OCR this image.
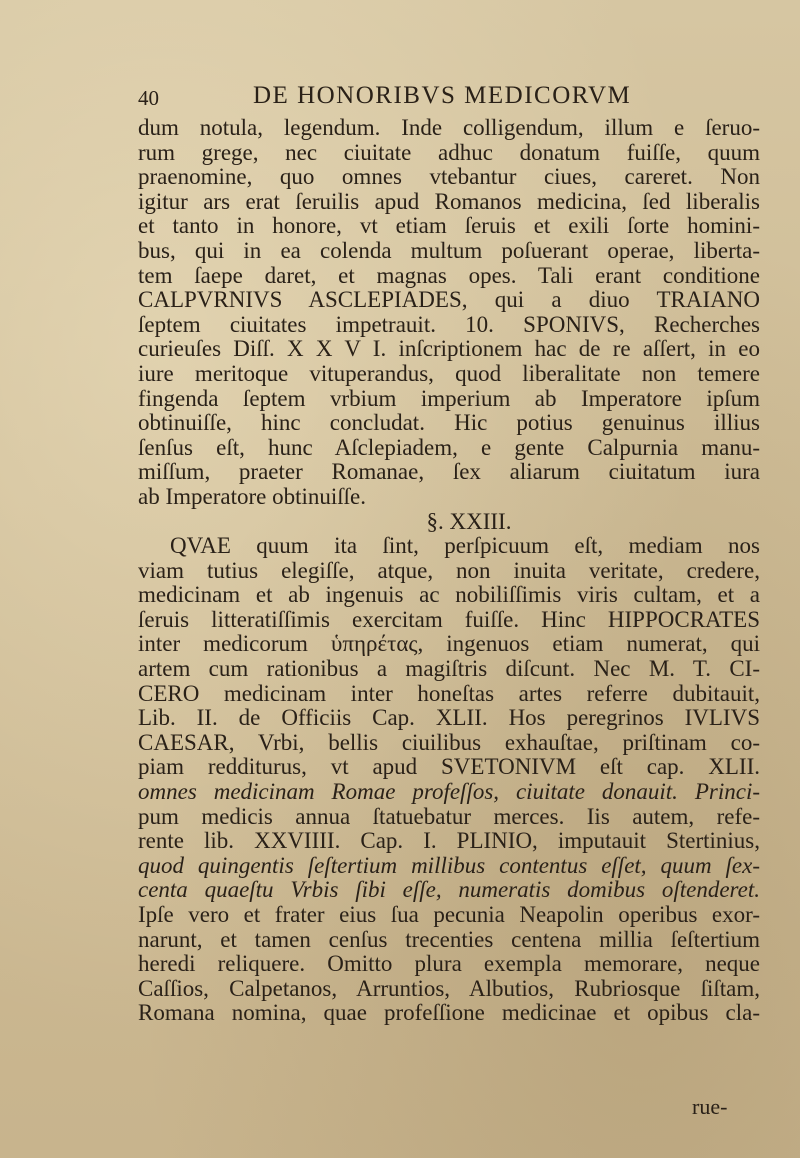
40	DE HONORIBVS MEDICORVM
dum notula, legendum. Inde colligendum, illum e ſeruo-
rum grege, nec ciuitate adhuc donatum fuiſſe, quum
praenomine, quo omnes vtebantur ciues, careret. Non
igitur ars erat ſeruilis apud Romanos medicina, ſed liberalis
et tanto in honore, vt etiam ſeruis et exili ſorte homini-
bus, qui in ea colenda multum poſuerant operae, liberta-
tem ſaepe daret, et magnas opes. Tali erant conditione
CALPVRNIVS ASCLEPIADES, qui a diuo TRAIANO
ſeptem ciuitates impetrauit. 10. SPONIVS, Recherches
curieuſes Diſſ. X X V I. inſcriptionem hac de re aſſert, in eo
iure meritoque vituperandus, quod liberalitate non temere
fingenda ſeptem vrbium imperium ab Imperatore ipſum
obtinuiſſe, hinc concludat. Hic potius genuinus illius
ſenſus eſt, hunc Aſclepiadem, e gente Calpurnia manu-
miſſum, praeter Romanae, ſex aliarum ciuitatum iura
ab Imperatore obtinuiſſe.
§. XXIII.
QVAE quum ita ſint, perſpicuum eſt, mediam nos
viam tutius elegiſſe, atque, non inuita veritate, credere,
medicinam et ab ingenuis ac nobiliſſimis viris cultam, et a
ſeruis litteratiſſimis exercitam fuiſſe. Hinc HIPPOCRATES
inter medicorum ὑπηρέτας, ingenuos etiam numerat, qui
artem cum rationibus a magiſtris diſcunt. Nec M. T. CI-
CERO medicinam inter honeſtas artes referre dubitauit,
Lib. II. de Officiis Cap. XLII. Hos peregrinos IVLIVS
CAESAR, Vrbi, bellis ciuilibus exhauſtae, priſtinam co-
piam redditurus, vt apud SVETONIVM eſt cap. XLII.
omnes medicinam Romae profeſſos, ciuitate donauit. Princi-
pum medicis annua ſtatuebatur merces. Iis autem, refe-
rente lib. XXVIIII. Cap. I. PLINIO, imputauit Stertinius,
quod quingentis ſeſtertium millibus contentus eſſet, quum ſex-
centa quaeſtu Vrbis ſibi eſſe, numeratis domibus oſtenderet.
Ipſe vero et frater eius ſua pecunia Neapolin operibus exor-
narunt, et tamen cenſus trecenties centena millia ſeſtertium
heredi reliquere. Omitto plura exempla memorare, neque
Caſſios, Calpetanos, Arruntios, Albutios, Rubriosque ſiſtam,
Romana nomina, quae profeſſione medicinae et opibus cla-
rue-
